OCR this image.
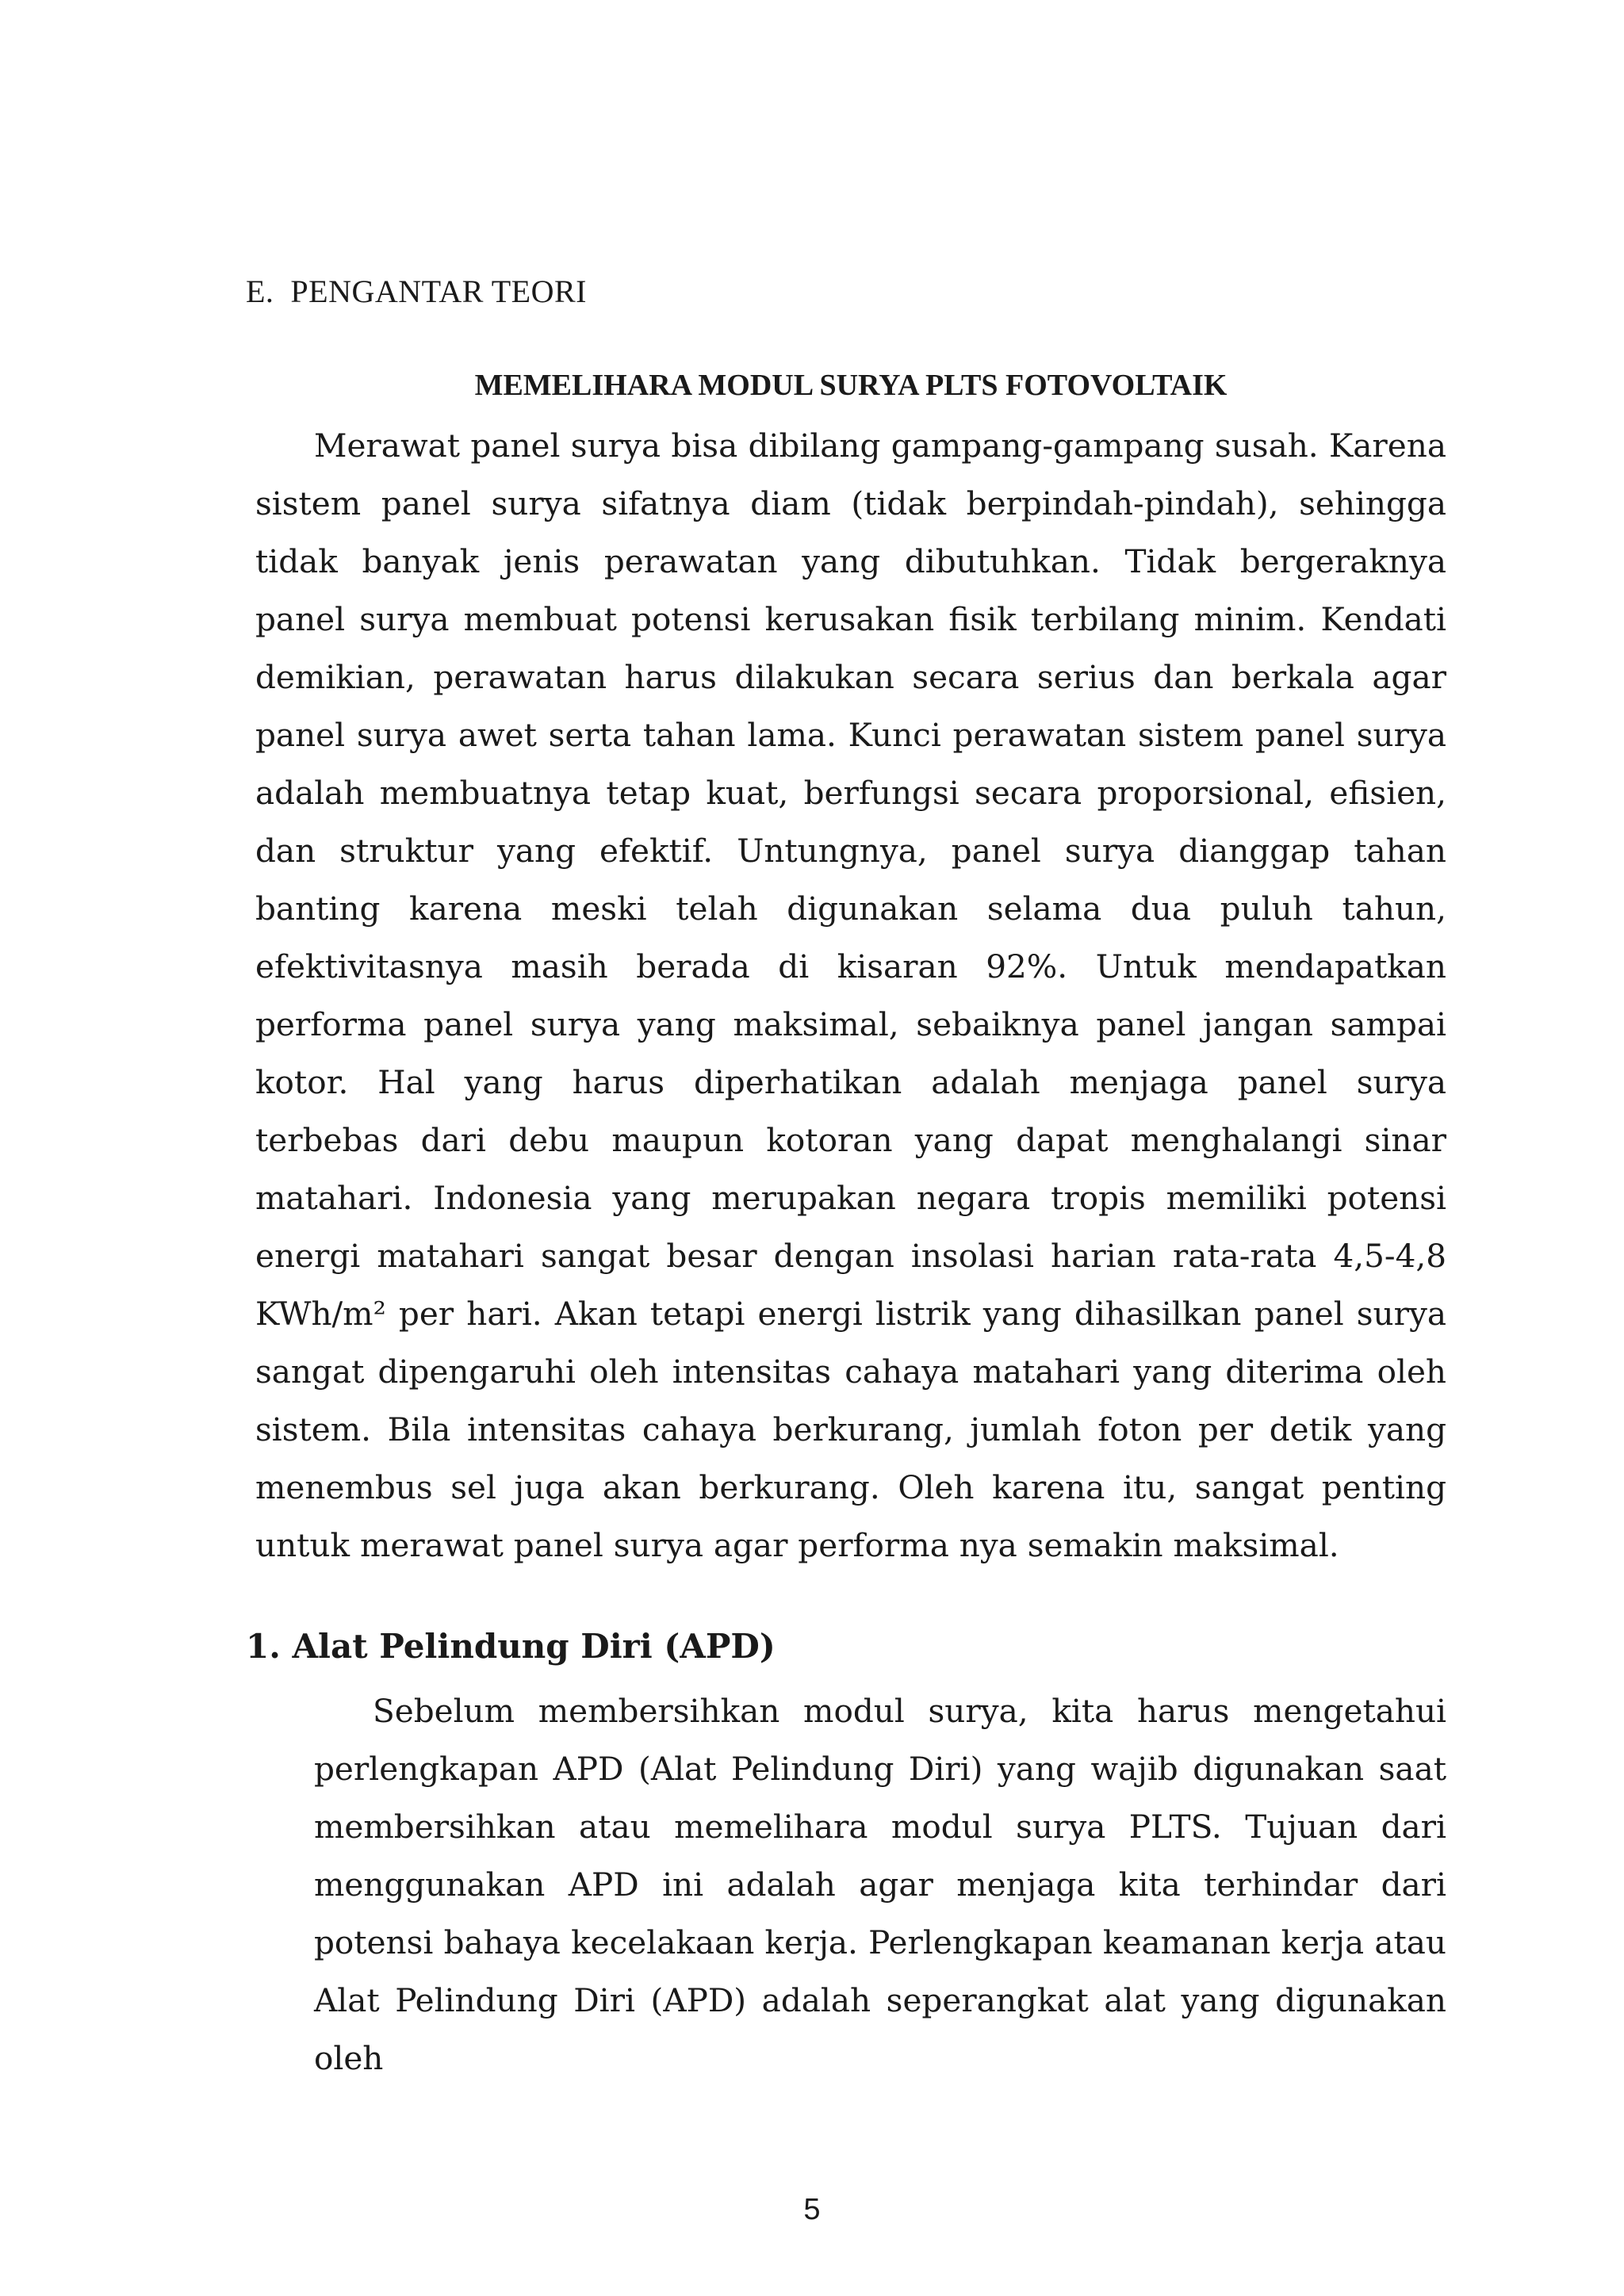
E.  PENGANTAR TEORI
MEMELIHARA MODUL SURYA PLTS FOTOVOLTAIK

Merawat panel surya bisa dibilang gampang-gampang susah. Karena sistem panel surya sifatnya diam (tidak berpindah-pindah), sehingga tidak banyak jenis perawatan yang dibutuhkan. Tidak bergeraknya panel surya membuat potensi kerusakan fisik terbilang minim. Kendati demikian, perawatan harus dilakukan secara serius dan berkala agar panel surya awet serta tahan lama. Kunci perawatan sistem panel surya adalah membuatnya tetap kuat, berfungsi secara proporsional, efisien, dan struktur yang efektif. Untungnya, panel surya dianggap tahan banting karena meski telah digunakan selama dua puluh tahun, efektivitasnya masih berada di kisaran 92%. Untuk mendapatkan performa panel surya yang maksimal, sebaiknya panel jangan sampai kotor. Hal yang harus diperhatikan adalah menjaga panel surya terbebas dari debu maupun kotoran yang dapat menghalangi sinar matahari. Indonesia yang merupakan negara tropis memiliki potensi energi matahari sangat besar dengan insolasi harian rata-rata 4,5-4,8 KWh/m² per hari. Akan tetapi energi listrik yang dihasilkan panel surya sangat dipengaruhi oleh intensitas cahaya matahari yang diterima oleh sistem. Bila intensitas cahaya berkurang, jumlah foton per detik yang menembus sel juga akan berkurang. Oleh karena itu, sangat penting untuk merawat panel surya agar performa nya semakin maksimal.

1. Alat Pelindung Diri (APD)

Sebelum membersihkan modul surya, kita harus mengetahui perlengkapan APD (Alat Pelindung Diri) yang wajib digunakan saat membersihkan atau memelihara modul surya PLTS. Tujuan dari menggunakan APD ini adalah agar menjaga kita terhindar dari potensi bahaya kecelakaan kerja. Perlengkapan keamanan kerja atau Alat Pelindung Diri (APD) adalah seperangkat alat yang digunakan oleh

5
